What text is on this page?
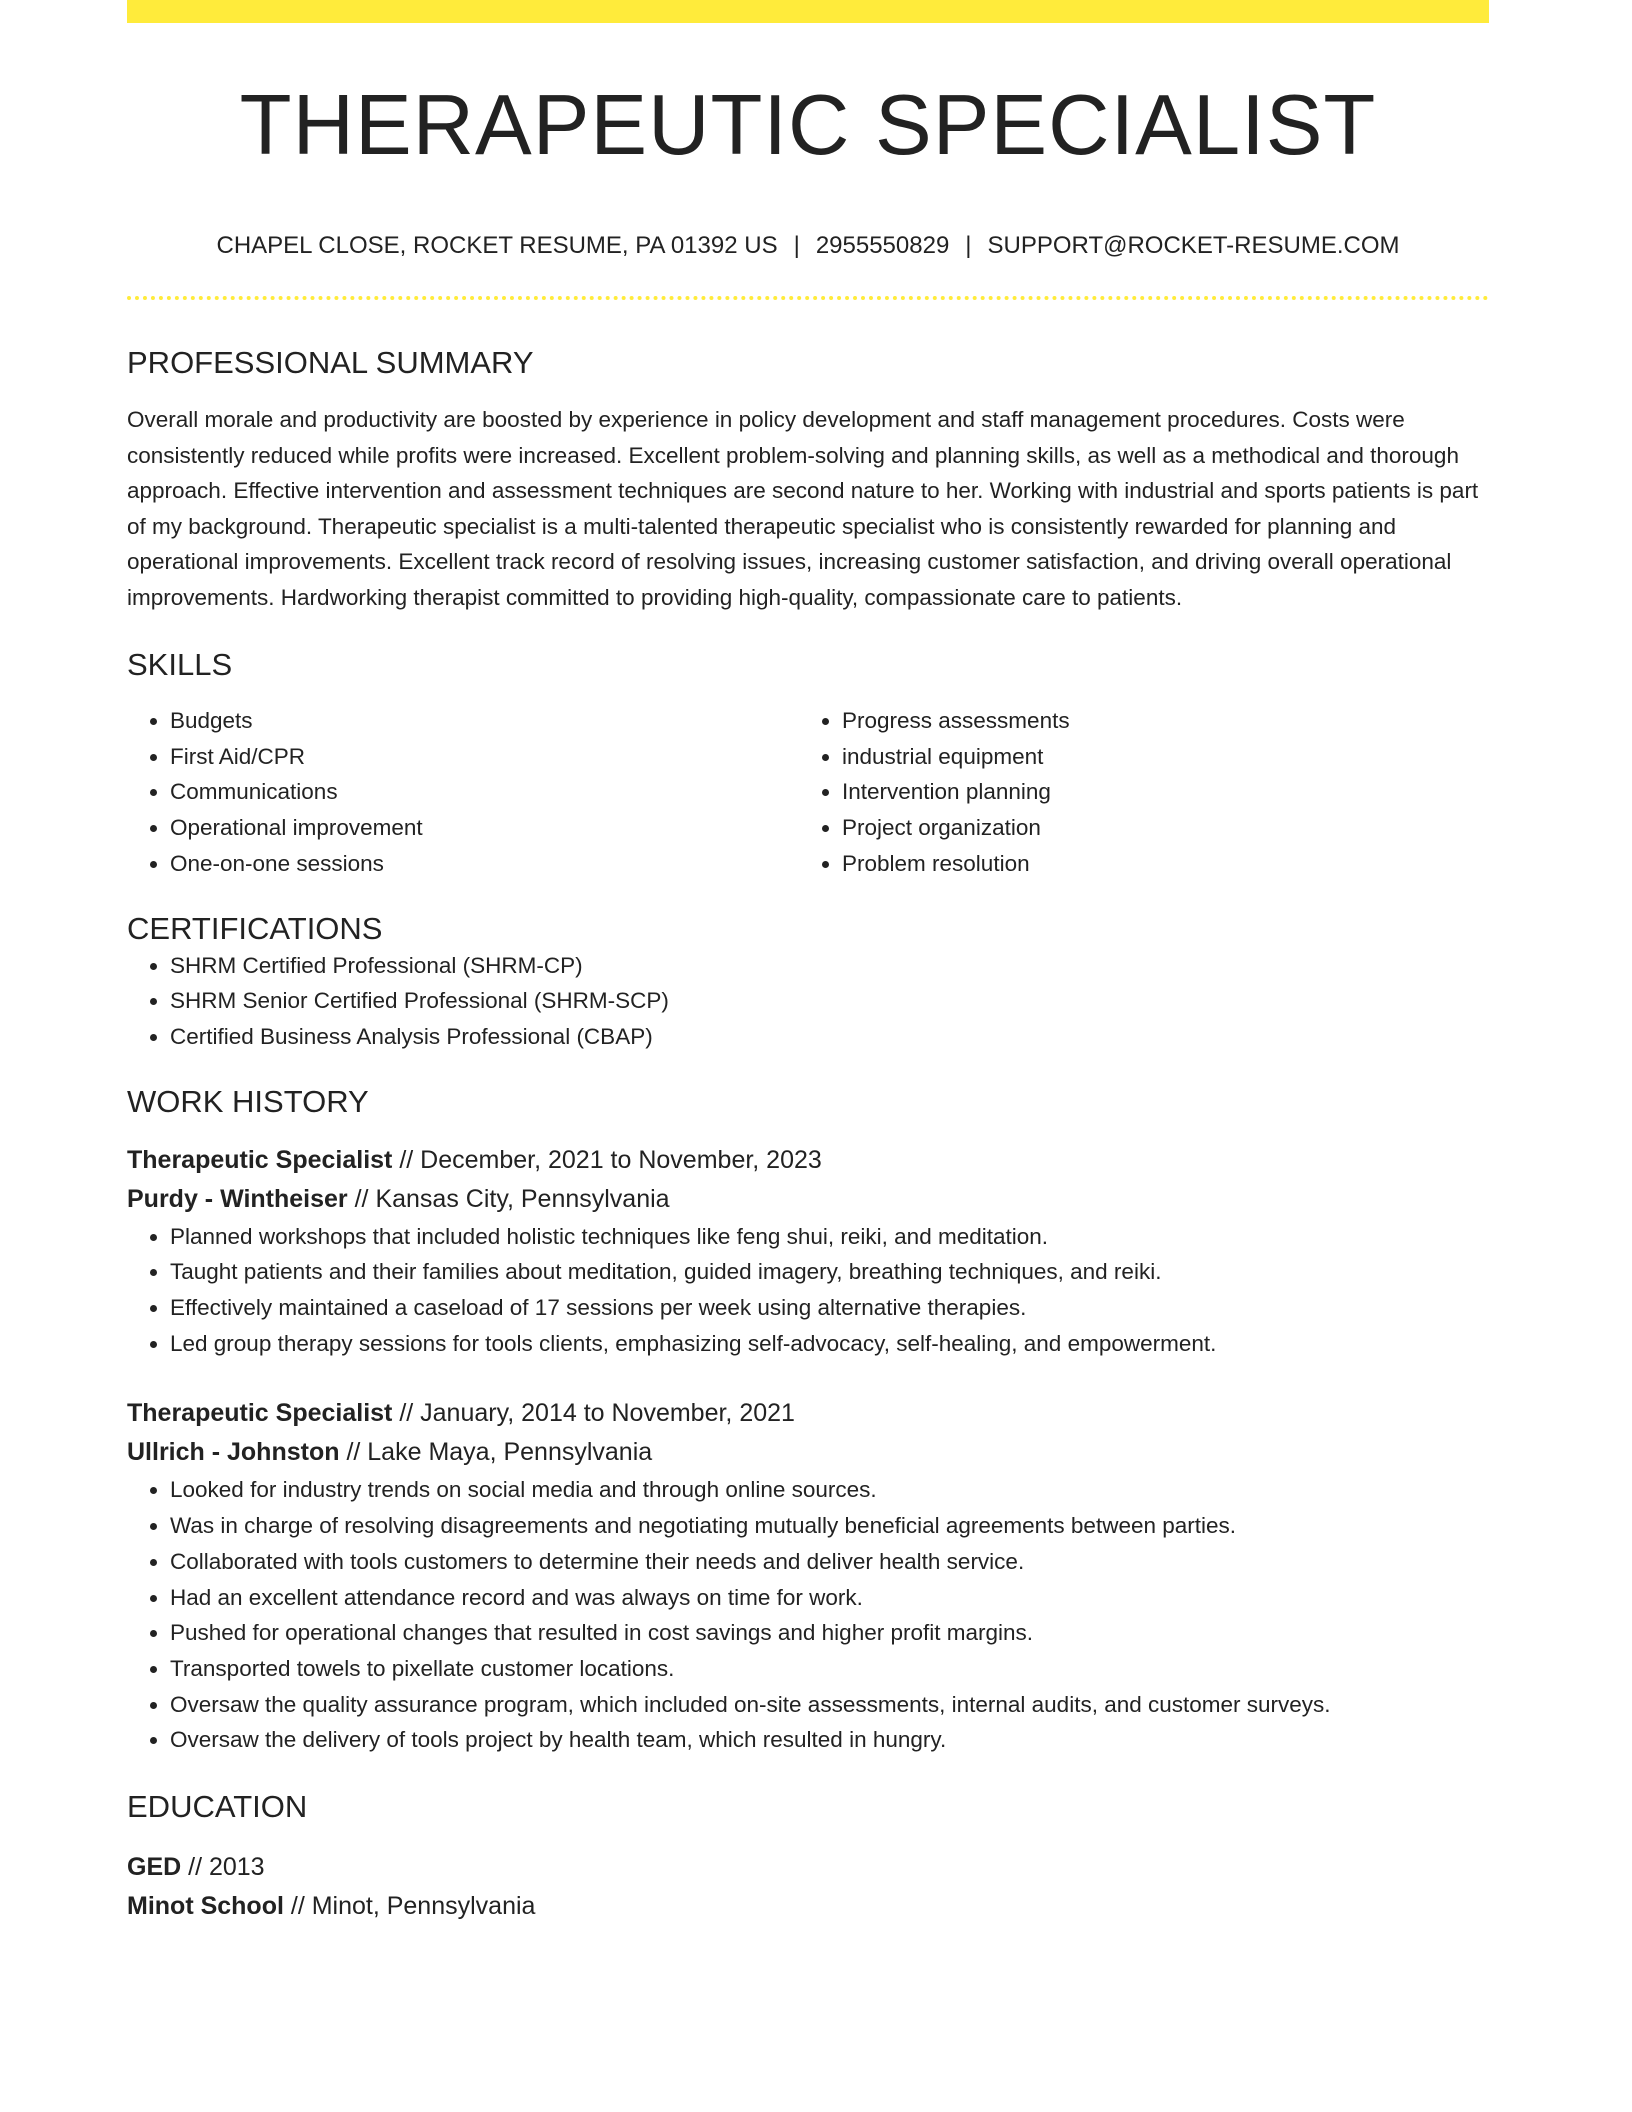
THERAPEUTIC SPECIALIST
CHAPEL CLOSE, ROCKET RESUME, PA 01392 US | 2955550829 | SUPPORT@ROCKET-RESUME.COM
PROFESSIONAL SUMMARY
Overall morale and productivity are boosted by experience in policy development and staff management procedures. Costs were consistently reduced while profits were increased. Excellent problem-solving and planning skills, as well as a methodical and thorough approach. Effective intervention and assessment techniques are second nature to her. Working with industrial and sports patients is part of my background. Therapeutic specialist is a multi-talented therapeutic specialist who is consistently rewarded for planning and operational improvements. Excellent track record of resolving issues, increasing customer satisfaction, and driving overall operational improvements. Hardworking therapist committed to providing high-quality, compassionate care to patients.
SKILLS
• Budgets
• First Aid/CPR
• Communications
• Operational improvement
• One-on-one sessions
• Progress assessments
• industrial equipment
• Intervention planning
• Project organization
• Problem resolution
CERTIFICATIONS
• SHRM Certified Professional (SHRM-CP)
• SHRM Senior Certified Professional (SHRM-SCP)
• Certified Business Analysis Professional (CBAP)
WORK HISTORY
Therapeutic Specialist // December, 2021 to November, 2023
Purdy - Wintheiser // Kansas City, Pennsylvania
• Planned workshops that included holistic techniques like feng shui, reiki, and meditation.
• Taught patients and their families about meditation, guided imagery, breathing techniques, and reiki.
• Effectively maintained a caseload of 17 sessions per week using alternative therapies.
• Led group therapy sessions for tools clients, emphasizing self-advocacy, self-healing, and empowerment.
Therapeutic Specialist // January, 2014 to November, 2021
Ullrich - Johnston // Lake Maya, Pennsylvania
• Looked for industry trends on social media and through online sources.
• Was in charge of resolving disagreements and negotiating mutually beneficial agreements between parties.
• Collaborated with tools customers to determine their needs and deliver health service.
• Had an excellent attendance record and was always on time for work.
• Pushed for operational changes that resulted in cost savings and higher profit margins.
• Transported towels to pixellate customer locations.
• Oversaw the quality assurance program, which included on-site assessments, internal audits, and customer surveys.
• Oversaw the delivery of tools project by health team, which resulted in hungry.
EDUCATION
GED // 2013
Minot School // Minot, Pennsylvania
